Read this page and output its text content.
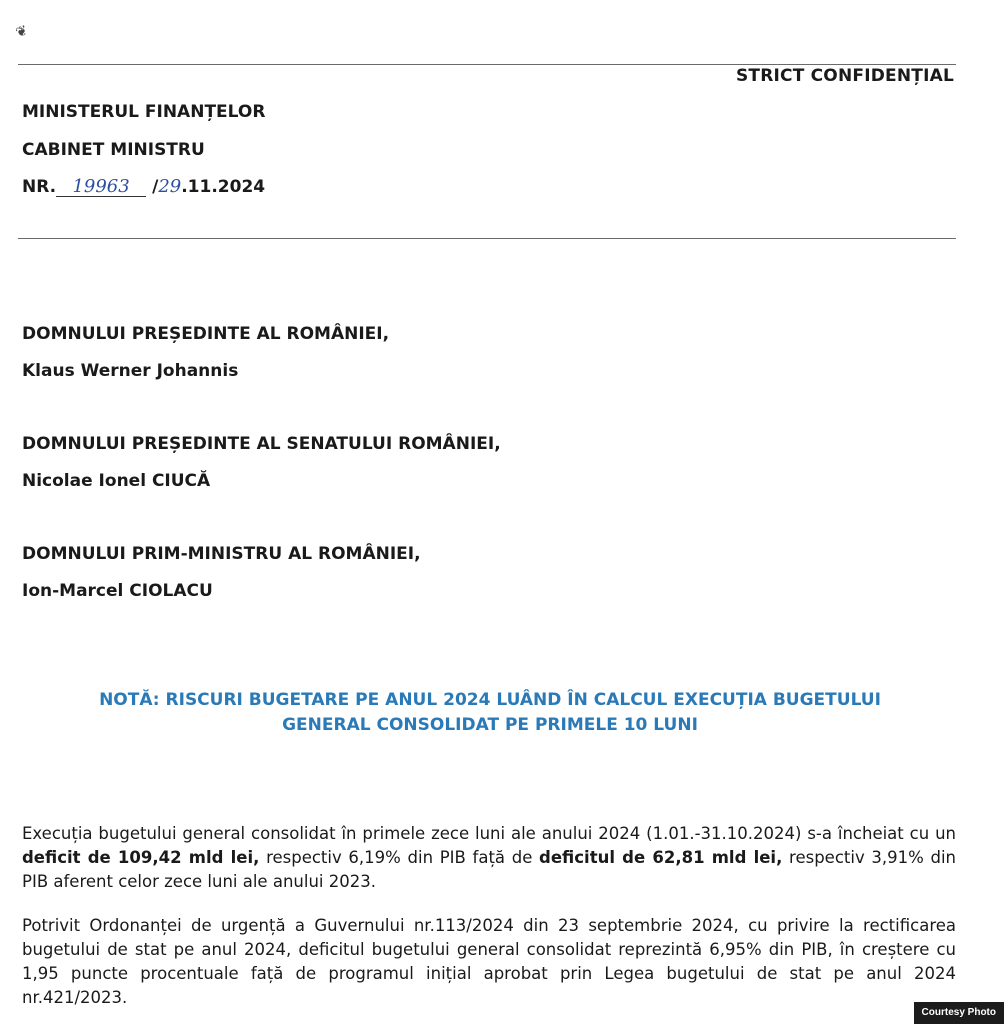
❦
STRICT CONFIDENȚIAL
MINISTERUL FINANȚELOR
CABINET MINISTRU
NR. 19963 /29.11.2024
DOMNULUI PREȘEDINTE AL ROMÂNIEI,
Klaus Werner Johannis
DOMNULUI PREȘEDINTE AL SENATULUI ROMÂNIEI,
Nicolae Ionel CIUCĂ
DOMNULUI PRIM-MINISTRU AL ROMÂNIEI,
Ion-Marcel CIOLACU
NOTĂ: RISCURI BUGETARE PE ANUL 2024 LUÂND ÎN CALCUL EXECUȚIA BUGETULUI
GENERAL CONSOLIDAT PE PRIMELE 10 LUNI
Execuția bugetului general consolidat în primele zece luni ale anului 2024 (1.01.-31.10.2024) s-a încheiat cu un deficit de 109,42 mld lei, respectiv 6,19% din PIB față de deficitul de 62,81 mld lei, respectiv 3,91% din PIB aferent celor zece luni ale anului 2023.
Potrivit Ordonanței de urgență a Guvernului nr.113/2024 din 23 septembrie 2024, cu privire la rectificarea bugetului de stat pe anul 2024, deficitul bugetului general consolidat reprezintă 6,95% din PIB, în creștere cu 1,95 puncte procentuale față de programul inițial aprobat prin Legea bugetului de stat pe anul 2024 nr.421/2023.
Courtesy Photo
